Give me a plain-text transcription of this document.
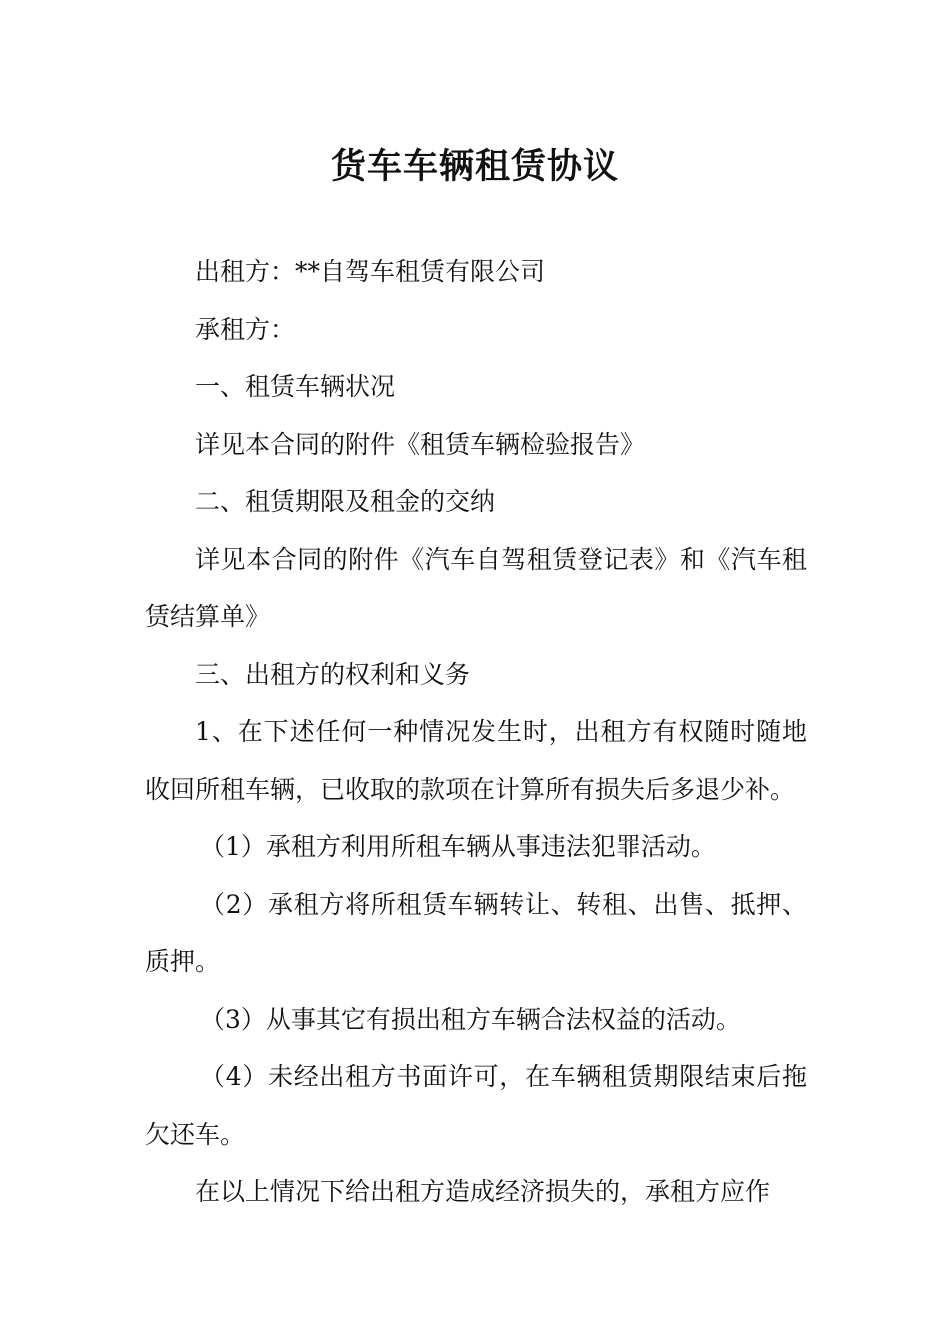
货车车辆租赁协议

出租方：**自驾车租赁有限公司

承租方：

一、租赁车辆状况

详见本合同的附件《租赁车辆检验报告》

二、租赁期限及租金的交纳

详见本合同的附件《汽车自驾租赁登记表》和《汽车租赁结算单》

三、出租方的权利和义务

1、在下述任何一种情况发生时，出租方有权随时随地收回所租车辆，已收取的款项在计算所有损失后多退少补。

（1）承租方利用所租车辆从事违法犯罪活动。

（2）承租方将所租赁车辆转让、转租、出售、抵押、质押。

（3）从事其它有损出租方车辆合法权益的活动。

（4）未经出租方书面许可，在车辆租赁期限结束后拖欠还车。

在以上情况下给出租方造成经济损失的，承租方应作
